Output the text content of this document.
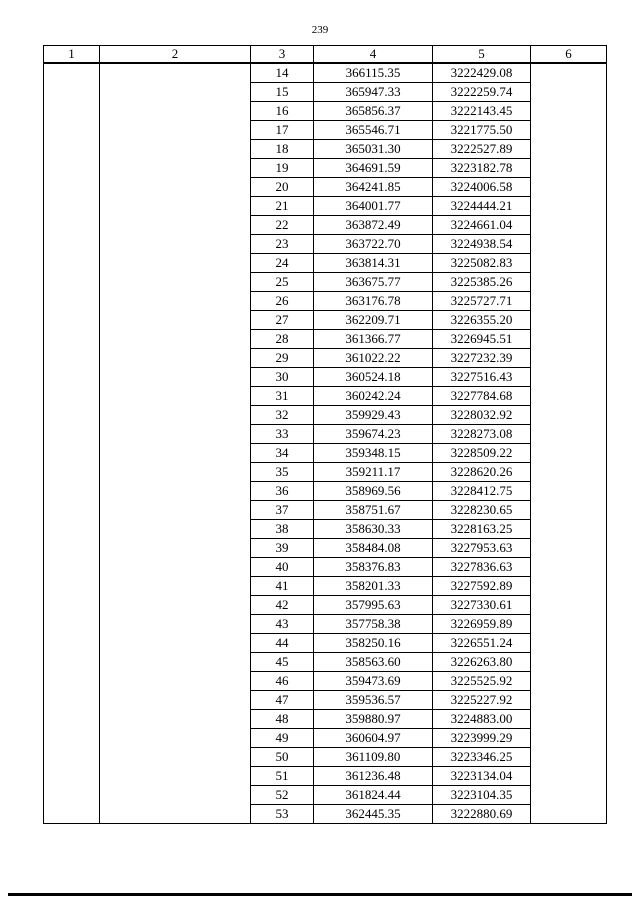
239
1	2	3	4	5	6
		14	366115.35	3222429.08	
		15	365947.33	3222259.74	
		16	365856.37	3222143.45	
		17	365546.71	3221775.50	
		18	365031.30	3222527.89	
		19	364691.59	3223182.78	
		20	364241.85	3224006.58	
		21	364001.77	3224444.21	
		22	363872.49	3224661.04	
		23	363722.70	3224938.54	
		24	363814.31	3225082.83	
		25	363675.77	3225385.26	
		26	363176.78	3225727.71	
		27	362209.71	3226355.20	
		28	361366.77	3226945.51	
		29	361022.22	3227232.39	
		30	360524.18	3227516.43	
		31	360242.24	3227784.68	
		32	359929.43	3228032.92	
		33	359674.23	3228273.08	
		34	359348.15	3228509.22	
		35	359211.17	3228620.26	
		36	358969.56	3228412.75	
		37	358751.67	3228230.65	
		38	358630.33	3228163.25	
		39	358484.08	3227953.63	
		40	358376.83	3227836.63	
		41	358201.33	3227592.89	
		42	357995.63	3227330.61	
		43	357758.38	3226959.89	
		44	358250.16	3226551.24	
		45	358563.60	3226263.80	
		46	359473.69	3225525.92	
		47	359536.57	3225227.92	
		48	359880.97	3224883.00	
		49	360604.97	3223999.29	
		50	361109.80	3223346.25	
		51	361236.48	3223134.04	
		52	361824.44	3223104.35	
		53	362445.35	3222880.69	
